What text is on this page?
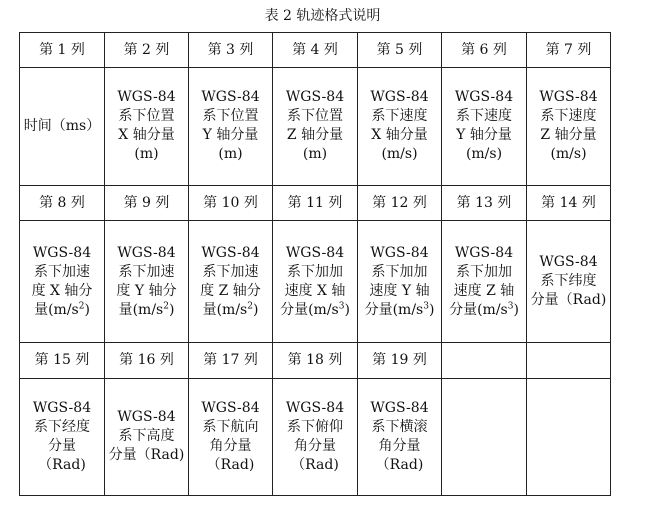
表 2 轨迹格式说明
第 1 列	第 2 列	第 3 列	第 4 列	第 5 列	第 6 列	第 7 列

时间（ms）	WGS-84
系下位置
X 轴分量
(m)	WGS-84
系下位置
Y 轴分量
(m)	WGS-84
系下位置
Z 轴分量
(m)	WGS-84
系下速度
X 轴分量
(m/s)	WGS-84
系下速度
Y 轴分量
(m/s)	WGS-84
系下速度
Z 轴分量
(m/s)

第 8 列	第 9 列	第 10 列	第 11 列	第 12 列	第 13 列	第 14 列

WGS-84
系下加速
度 X 轴分
量$(m/s^2)$	WGS-84
系下加速
度 Y 轴分
量$(m/s^2)$	WGS-84
系下加速
度 Z 轴分
量$(m/s^2)$	WGS-84
系下加加
速度 X 轴
分量$(m/s^3)$	WGS-84
系下加加
速度 Y 轴
分量$(m/s^3)$	WGS-84
系下加加
速度 Z 轴
分量$(m/s^3)$	WGS-84
系下纬度
分量（Rad)

第 15 列	第 16 列	第 17 列	第 18 列	第 19 列		

WGS-84
系下经度
分量
（Rad)	WGS-84
系下高度
分量（Rad)	WGS-84
系下航向
角分量
（Rad)	WGS-84
系下俯仰
角分量
（Rad)	WGS-84
系下横滚
角分量
（Rad)		
